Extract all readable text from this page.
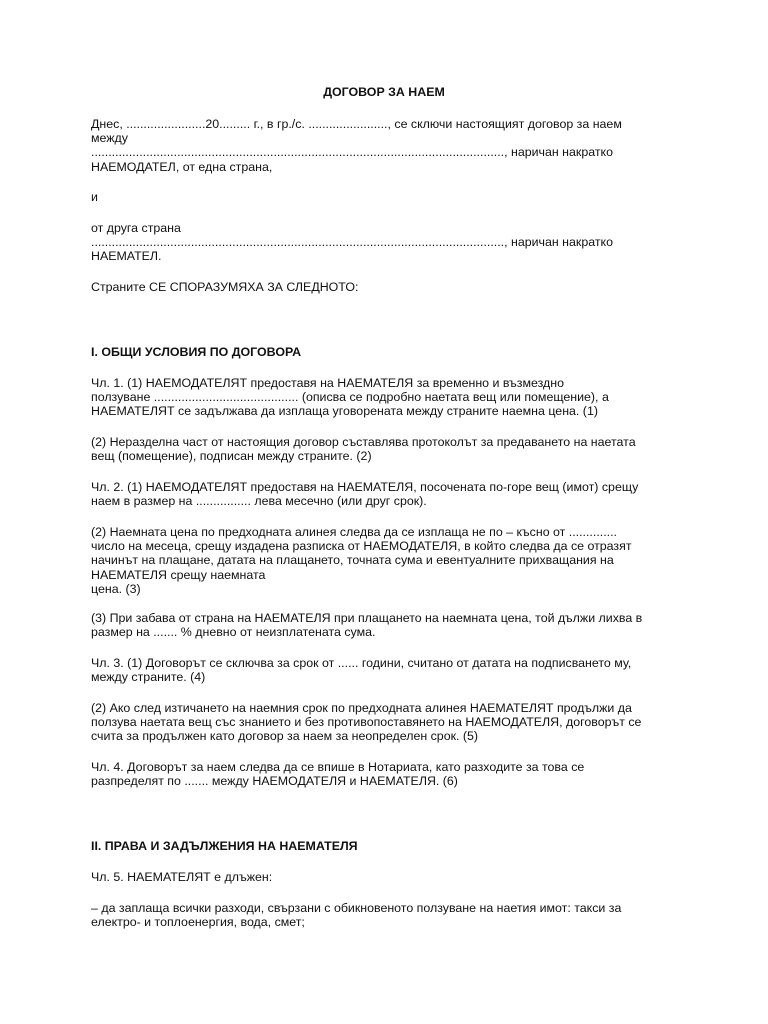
ДОГОВОР ЗА НАЕМ

Днес, .......................20......... г., в гр./с. ......................., се сключи настоящият договор за наем
между
........................................................................................................................, наричан накратко
НАЕМОДАТЕЛ, от една страна,

и

от друга страна
........................................................................................................................, наричан накратко
НАЕМАТЕЛ.

Страните СЕ СПОРАЗУМЯХА ЗА СЛЕДНОТО:

I. ОБЩИ УСЛОВИЯ ПО ДОГОВОРА

Чл. 1. (1) НАЕМОДАТЕЛЯТ предоставя на НАЕМАТЕЛЯ за временно и възмездно
ползуване .......................................... (описва се подробно наетата вещ или помещение), а
НАЕМАТЕЛЯТ се задължава да изплаща уговорената между страните наемна цена. (1)

(2) Неразделна част от настоящия договор съставлява протоколът за предаването на наетата
вещ (помещение), подписан между страните. (2)

Чл. 2. (1) НАЕМОДАТЕЛЯТ предоставя на НАЕМАТЕЛЯ, посочената по-горе вещ (имот) срещу
наем в размер на ................ лева месечно (или друг срок).

(2) Наемната цена по предходната алинея следва да се изплаща не по – късно от ..............
число на месеца, срещу издадена разписка от НАЕМОДАТЕЛЯ, в който следва да се отразят
начинът на плащане, датата на плащането, точната сума и евентуалните прихващания на
НАЕМАТЕЛЯ срещу наемната
цена. (3)

(3) При забава от страна на НАЕМАТЕЛЯ при плащането на наемната цена, той дължи лихва в
размер на ....... % дневно от неизплатената сума.

Чл. 3. (1) Договорът се сключва за срок от ...... години, считано от датата на подписването му,
между страните. (4)

(2) Ако след изтичането на наемния срок по предходната алинея НАЕМАТЕЛЯТ продължи да
ползува наетата вещ със знанието и без противопоставянето на НАЕМОДАТЕЛЯ, договорът се
счита за продължен като договор за наем за неопределен срок. (5)

Чл. 4. Договорът за наем следва да се впише в Нотариата, като разходите за това се
разпределят по ....... между НАЕМОДАТЕЛЯ и НАЕМАТЕЛЯ. (6)

II. ПРАВА И ЗАДЪЛЖЕНИЯ НА НАЕМАТЕЛЯ

Чл. 5. НАЕМАТЕЛЯТ е длъжен:

– да заплаща всички разходи, свързани с обикновеното ползуване на наетия имот: такси за
електро- и топлоенергия, вода, смет;
